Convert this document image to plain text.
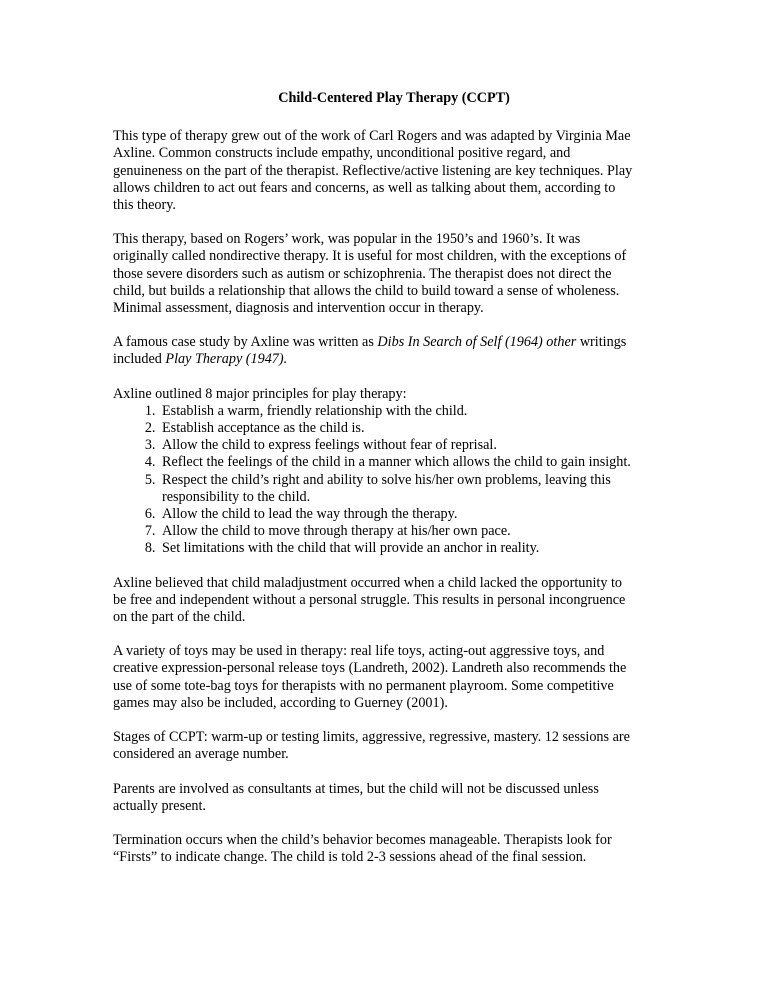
Child-Centered Play Therapy (CCPT)

This type of therapy grew out of the work of Carl Rogers and was adapted by Virginia Mae Axline. Common constructs include empathy, unconditional positive regard, and genuineness on the part of the therapist. Reflective/active listening are key techniques. Play allows children to act out fears and concerns, as well as talking about them, according to this theory.

This therapy, based on Rogers’ work, was popular in the 1950’s and 1960’s. It was originally called nondirective therapy. It is useful for most children, with the exceptions of those severe disorders such as autism or schizophrenia. The therapist does not direct the child, but builds a relationship that allows the child to build toward a sense of wholeness. Minimal assessment, diagnosis and intervention occur in therapy.

A famous case study by Axline was written as Dibs In Search of Self (1964) other writings included Play Therapy (1947).

Axline outlined 8 major principles for play therapy:

1. Establish a warm, friendly relationship with the child.
2. Establish acceptance as the child is.
3. Allow the child to express feelings without fear of reprisal.
4. Reflect the feelings of the child in a manner which allows the child to gain insight.
5. Respect the child’s right and ability to solve his/her own problems, leaving this responsibility to the child.
6. Allow the child to lead the way through the therapy.
7. Allow the child to move through therapy at his/her own pace.
8. Set limitations with the child that will provide an anchor in reality.

Axline believed that child maladjustment occurred when a child lacked the opportunity to be free and independent without a personal struggle. This results in personal incongruence on the part of the child.

A variety of toys may be used in therapy: real life toys, acting-out aggressive toys, and creative expression-personal release toys (Landreth, 2002). Landreth also recommends the use of some tote-bag toys for therapists with no permanent playroom. Some competitive games may also be included, according to Guerney (2001).

Stages of CCPT: warm-up or testing limits, aggressive, regressive, mastery. 12 sessions are considered an average number.

Parents are involved as consultants at times, but the child will not be discussed unless actually present.

Termination occurs when the child’s behavior becomes manageable. Therapists look for “Firsts” to indicate change. The child is told 2-3 sessions ahead of the final session.
